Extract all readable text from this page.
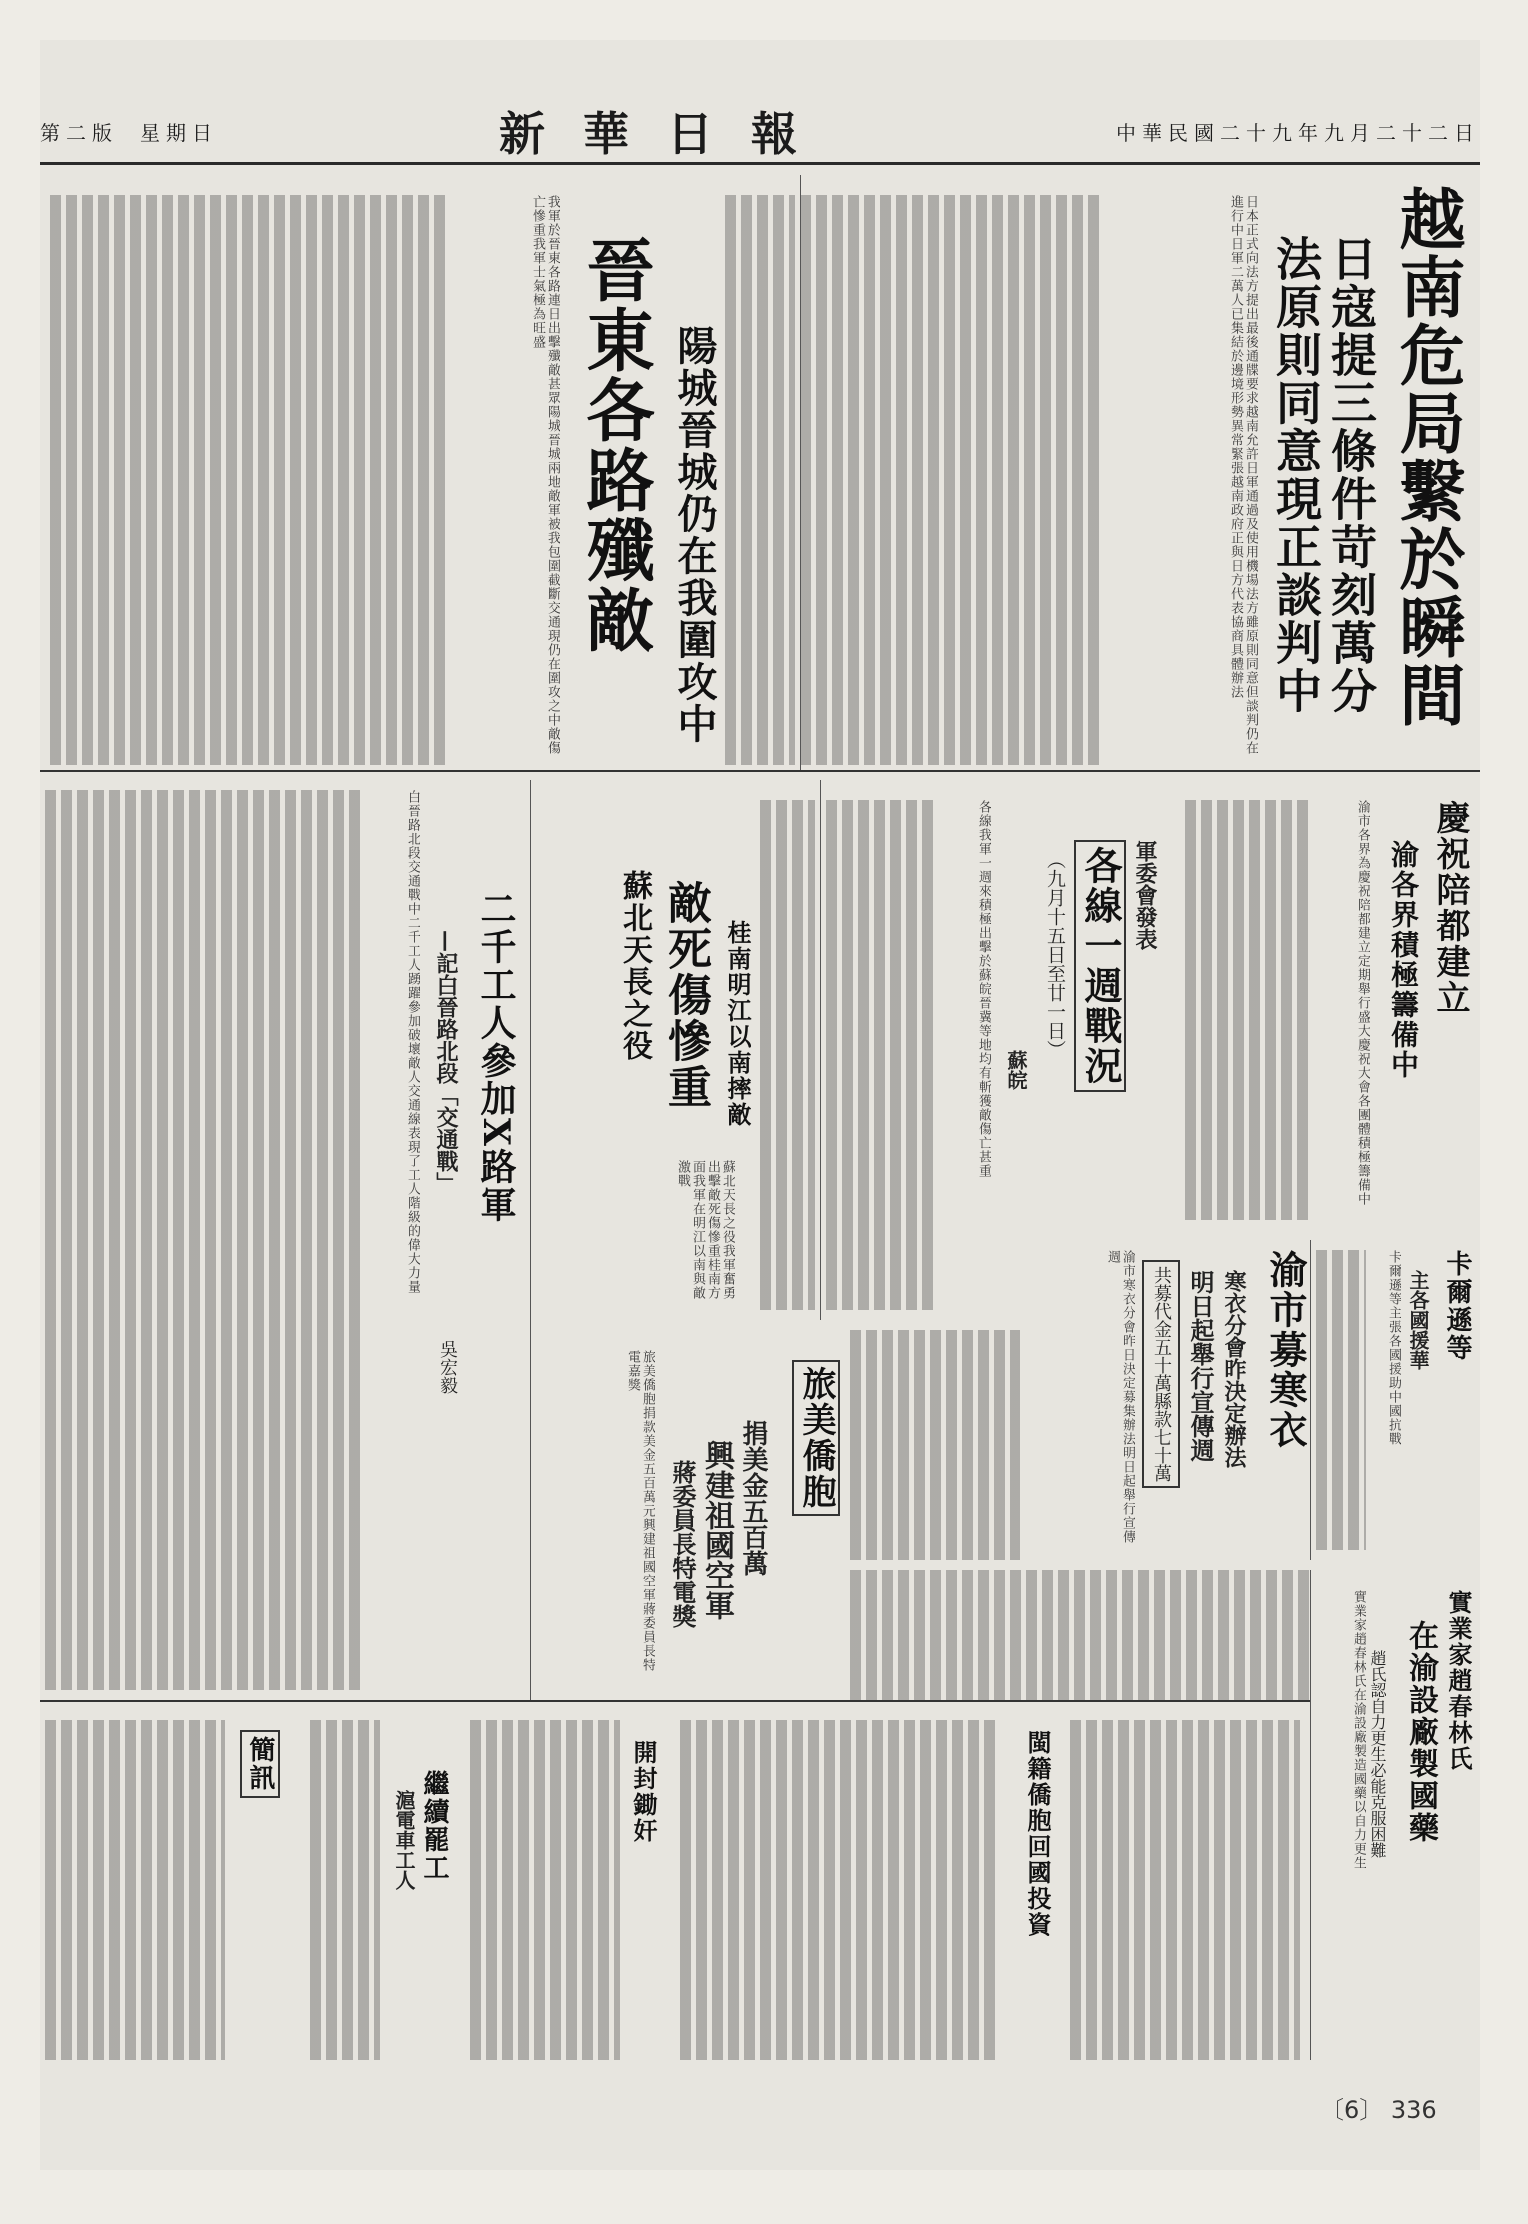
第二版 星期日	新華日報	中華民國二十九年九月二十二日
越南危局繫於瞬間
日寇提三條件苛刻萬分
法原則同意現正談判中
日本正式向法方提出最後通牒要求越南允許日軍通過及使用機場法方雖原則同意但談判仍在進行中日軍二萬人已集結於邊境形勢異常緊張越南政府正與日方代表協商具體辦法
晉東各路殲敵 陽城晉城仍在我圍攻中
我軍於晉東各路連日出擊殲敵甚眾陽城晉城兩地敵軍被我包圍截斷交通現仍在圍攻之中敵傷亡慘重我軍士氣極為旺盛
慶祝陪都建立
渝各界積極籌備中
渝市各界為慶祝陪都建立定期舉行盛大慶祝大會各團體積極籌備中
軍委會發表
各線一週戰況
（九月十五日至廿一日）
蘇皖
各線我軍一週來積極出擊於蘇皖晉冀等地均有斬獲敵傷亡甚重
蘇北天長之役 敵死傷慘重 桂南明江以南摔敵
蘇北天長之役我軍奮勇出擊敵死傷慘重桂南方面我軍在明江以南與敵激戰
二千工人參加X路軍
—記白晉路北段「交通戰」
吳宏毅
白晉路北段交通戰中二千工人踴躍參加破壞敵人交通線表現了工人階級的偉大力量
渝市募寒衣
寒衣分會昨決定辦法
明日起舉行宣傳週
共募代金五十萬縣款七十萬
渝市寒衣分會昨日決定募集辦法明日起舉行宣傳週	卡爾遜等
主各國援華
卡爾遜等主張各國援助中國抗戰
旅美僑胞
捐美金五百萬
興建祖國空軍
蔣委員長特電獎
旅美僑胞捐款美金五百萬元興建祖國空軍蔣委員長特電嘉獎
實業家趙春林氏
在渝設廠製國藥
趙氏認自力更生必能克服困難
實業家趙春林氏在渝設廠製造國藥以自力更生
閩籍僑胞回國投資
開封鋤奸
繼續罷工
滬電車工人
簡訊
〔6〕 336
